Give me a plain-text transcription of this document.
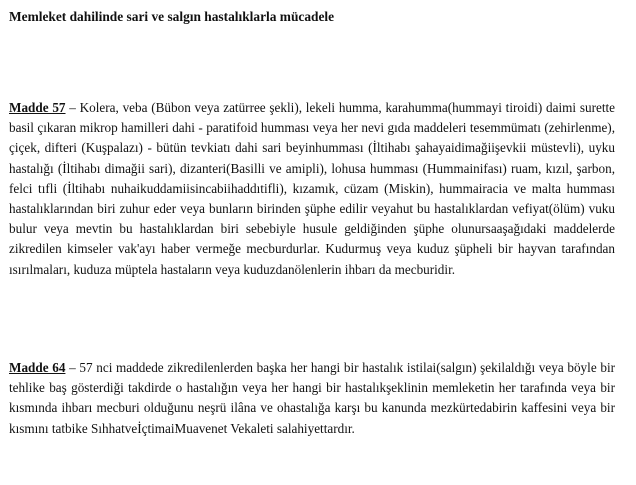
Memleket dahilinde sari ve salgın hastalıklarla mücadele

Madde 57 – Kolera, veba (Bübon veya zatürree şekli), lekeli humma, karahumma(hummayi tiroidi) daimi surette basil çıkaran mikrop hamilleri dahi - paratifoid humması veya her nevi gıda maddeleri tesemmümatı (zehirlenme), çiçek, difteri (Kuşpalazı) - bütün tevkiatı dahi sari beyinhumması (İltihabı şahayaidimağiişevkii müstevli), uyku hastalığı (İltihabı dimağii sari), dizanteri(Basilli ve amipli), lohusa humması (Hummainifası) ruam, kızıl, şarbon, felci tıfli (İltihabı nuhaikuddamiisincabiihaddıtifli), kızamık, cüzam (Miskin), hummairacia ve malta humması hastalıklarından biri zuhur eder veya bunların birinden şüphe edilir veyahut bu hastalıklardan vefiyat(ölüm) vuku bulur veya mevtin bu hastalıklardan biri sebebiyle husule geldiğinden şüphe olunursaaşağıdaki maddelerde zikredilen kimseler vak'ayı haber vermeğe mecburdurlar. Kudurmuş veya kuduz şüpheli bir hayvan tarafından ısırılmaları, kuduza müptela hastaların veya kuduzdanölenlerin ihbarı da mecburidir.

Madde 64 – 57 nci maddede zikredilenlerden başka her hangi bir hastalık istilai(salgın) şekilaldığı veya böyle bir tehlike baş gösterdiği takdirde o hastalığın veya her hangi bir hastalıkşeklinin memleketin her tarafında veya bir kısmında ihbarı mecburi olduğunu neşrü ilâna ve ohastalığa karşı bu kanunda mezkürtedabirin kaffesini veya bir kısmını tatbike SıhhatveİçtimaiMuavenet Vekaleti salahiyettardır.
